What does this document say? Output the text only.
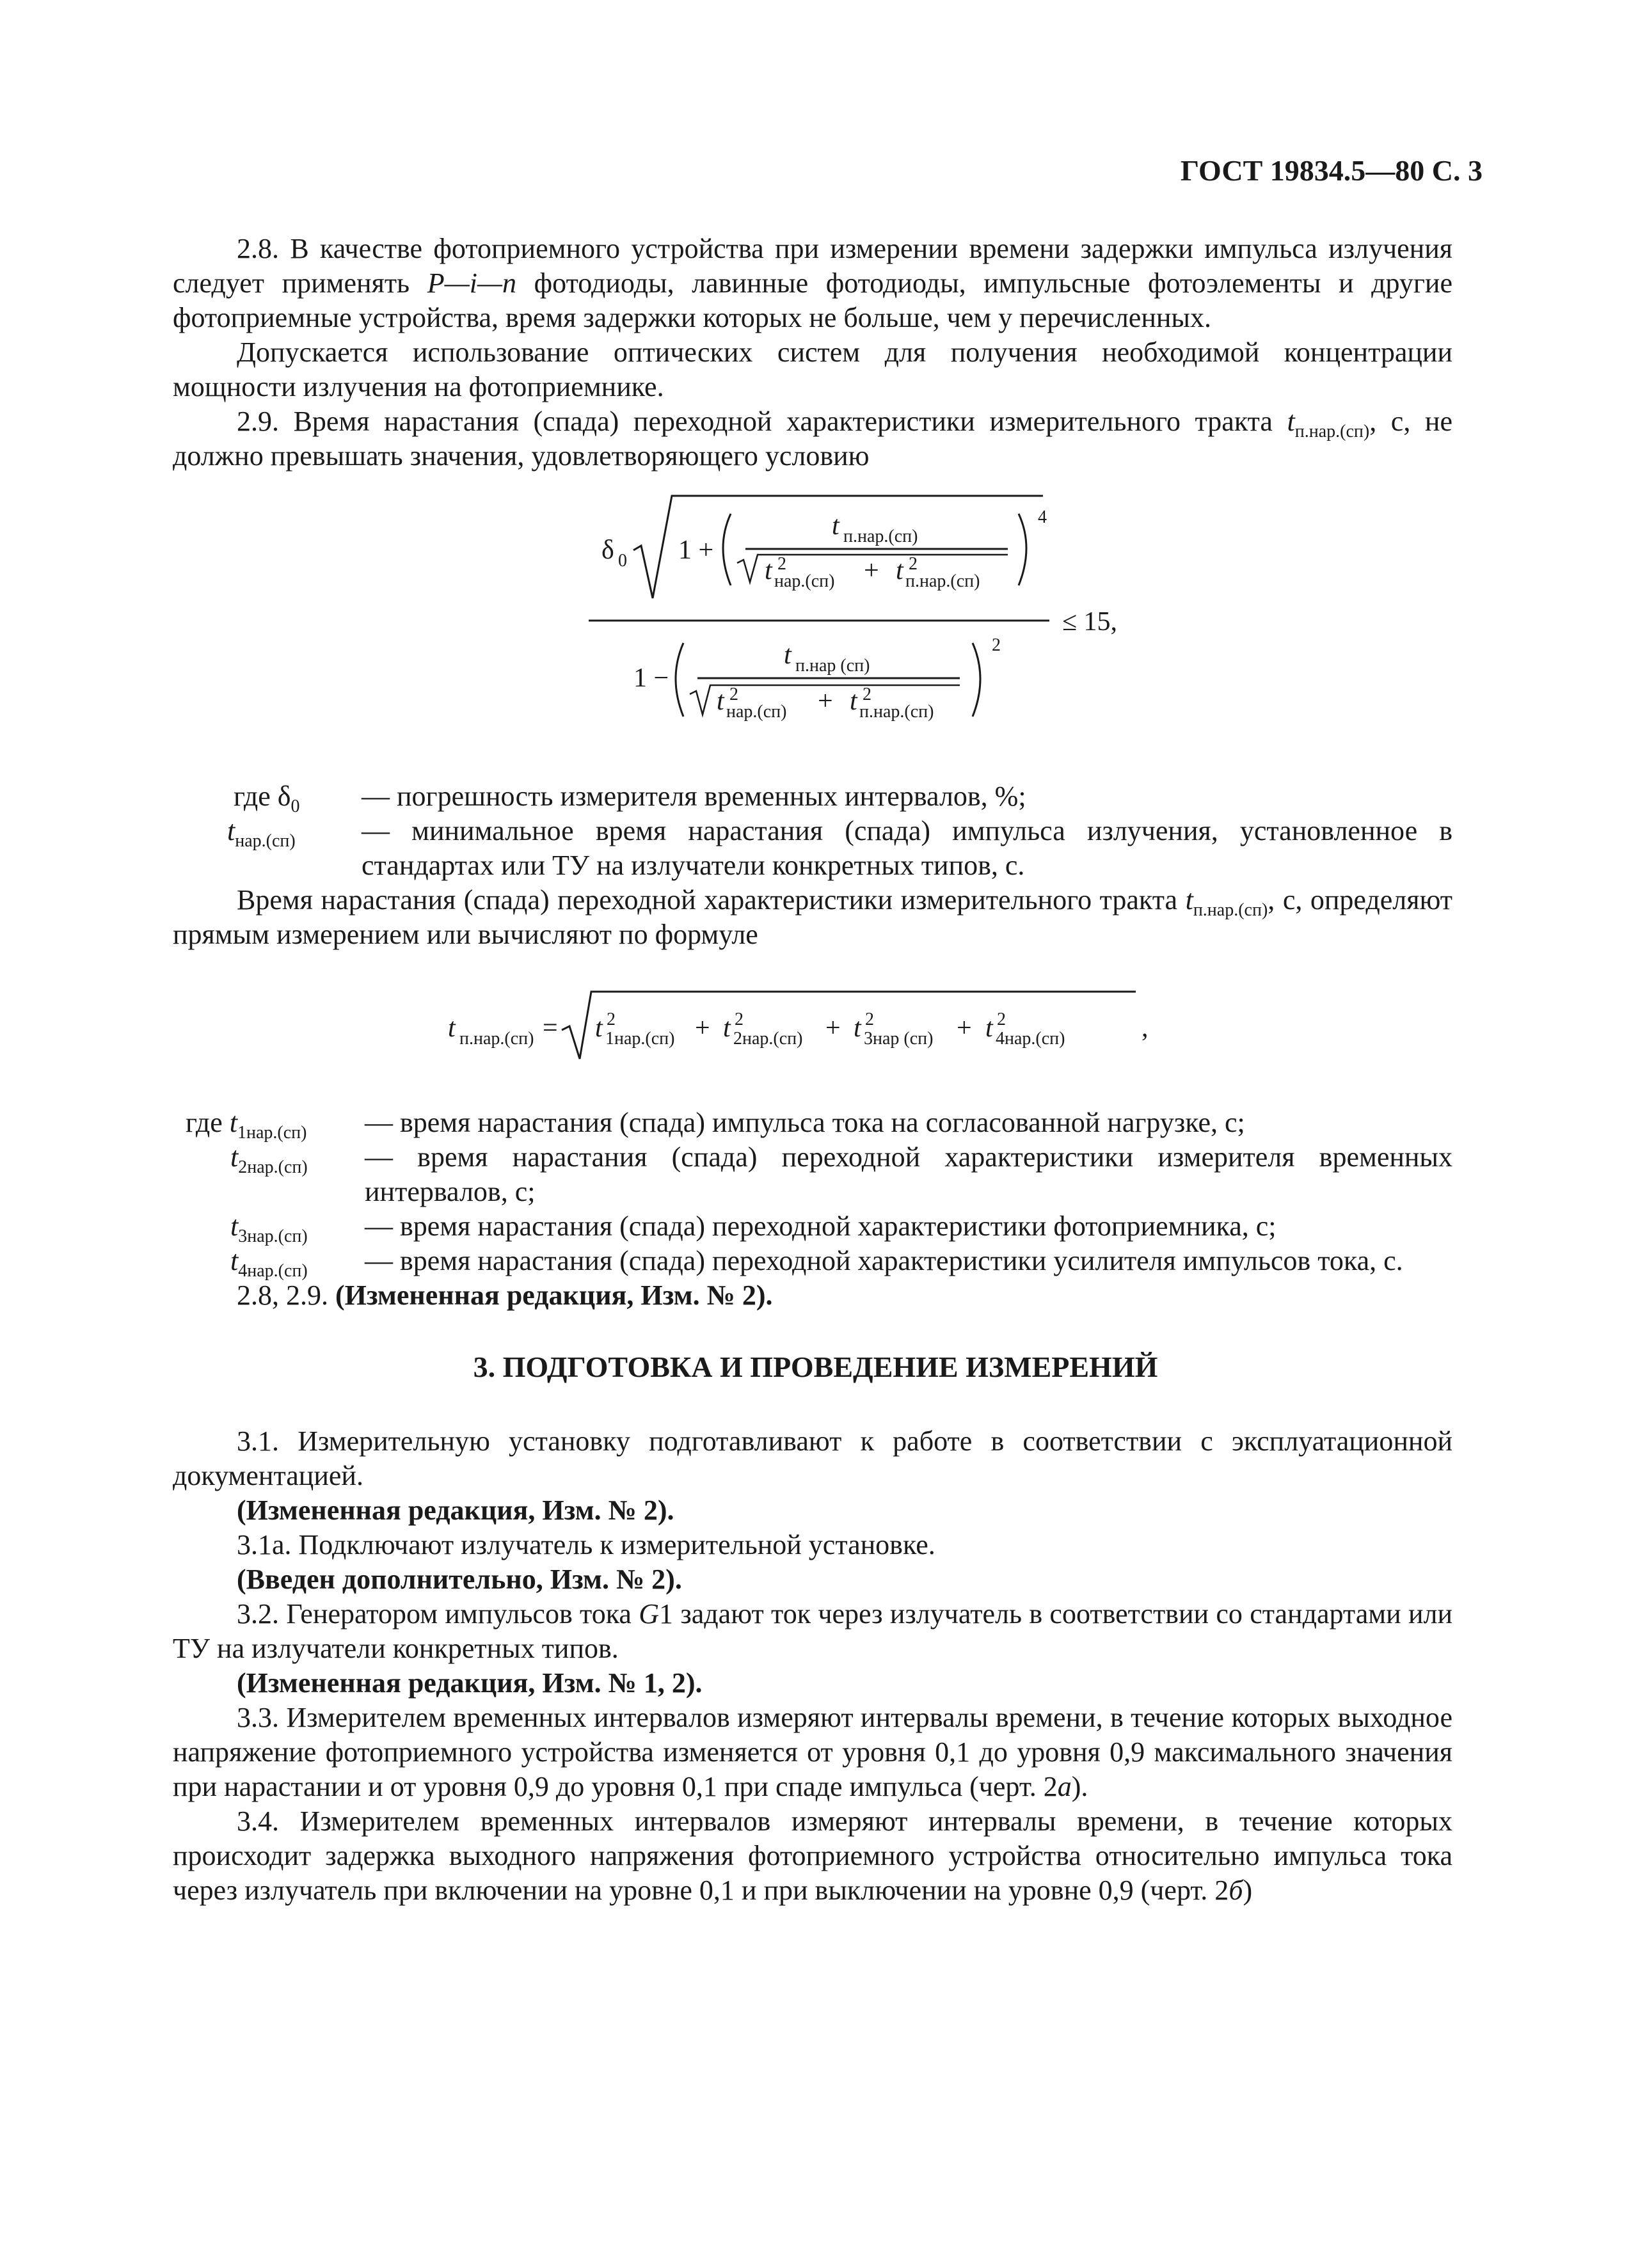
ГОСТ 19834.5—80 С. 3

2.8. В качестве фотоприемного устройства при измерении времени задержки импульса излучения следует применять P—i—n фотодиоды, лавинные фотодиоды, импульсные фотоэлементы и другие фотоприемные устройства, время задержки которых не больше, чем у перечисленных.

Допускается использование оптических систем для получения необходимой концентрации мощности излучения на фотоприемнике.

2.9. Время нарастания (спада) переходной характеристики измерительного тракта $t_{п.нар.(сп)}$, с, не должно превышать значения, удовлетворяющего условию

δ 0 1 +
t п.нар.(сп)
t 2
нар.(сп) + t 2
п.нар.(сп)
4
≤ 15,
1 −
t п.нар (сп)
t 2
нар.(сп) + t 2
п.нар.(сп)
2
где $\delta_0$ — погрешность измерителя временных интервалов, %;
$t_{нар.(сп)}$ — минимальное время нарастания (спада) импульса излучения, установленное в стандартах или ТУ на излучатели конкретных типов, с.

Время нарастания (спада) переходной характеристики измерительного тракта $t_{п.нар.(сп)}$, с, определяют прямым измерением или вычисляют по формуле

t п.нар.(сп) = t 2
1нар.(сп) + t 2
2нар.(сп) + t 2
3нар (сп) + t 2
4нар.(сп)	,
где $t_{1нар.(сп)}$ — время нарастания (спада) импульса тока на согласованной нагрузке, с;
$t_{2нар.(сп)}$ — время нарастания (спада) переходной характеристики измерителя временных интервалов, с;
$t_{3нар.(сп)}$ — время нарастания (спада) переходной характеристики фотоприемника, с;
$t_{4нар.(сп)}$ — время нарастания (спада) переходной характеристики усилителя импульсов тока, с.

2.8, 2.9. (Измененная редакция, Изм. № 2).

3. ПОДГОТОВКА И ПРОВЕДЕНИЕ ИЗМЕРЕНИЙ

3.1. Измерительную установку подготавливают к работе в соответствии с эксплуатационной документацией.

(Измененная редакция, Изм. № 2).

3.1а. Подключают излучатель к измерительной установке.

(Введен дополнительно, Изм. № 2).

3.2. Генератором импульсов тока G1 задают ток через излучатель в соответствии со стандартами или ТУ на излучатели конкретных типов.

(Измененная редакция, Изм. № 1, 2).

3.3. Измерителем временных интервалов измеряют интервалы времени, в течение которых выходное напряжение фотоприемного устройства изменяется от уровня 0,1 до уровня 0,9 максимального значения при нарастании и от уровня 0,9 до уровня 0,1 при спаде импульса (черт. 2а).

3.4. Измерителем временных интервалов измеряют интервалы времени, в течение которых происходит задержка выходного напряжения фотоприемного устройства относительно импульса тока через излучатель при включении на уровне 0,1 и при выключении на уровне 0,9 (черт. 2б)
